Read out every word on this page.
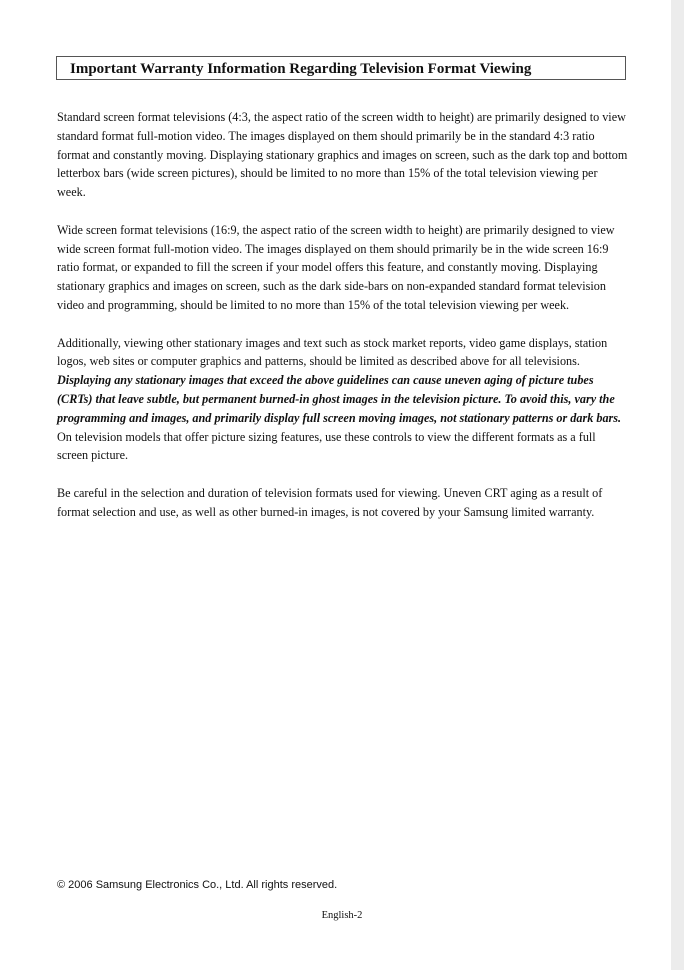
Important Warranty Information Regarding Television Format Viewing

Standard screen format televisions (4:3, the aspect ratio of the screen width to height) are primarily designed to view standard format full-motion video. The images displayed on them should primarily be in the standard 4:3 ratio format and constantly moving. Displaying stationary graphics and images on screen, such as the dark top and bottom letterbox bars (wide screen pictures), should be limited to no more than 15% of the total television viewing per week.

Wide screen format televisions (16:9, the aspect ratio of the screen width to height) are primarily designed to view wide screen format full-motion video. The images displayed on them should primarily be in the wide screen 16:9 ratio format, or expanded to fill the screen if your model offers this feature, and constantly moving. Displaying stationary graphics and images on screen, such as the dark side-bars on non-expanded standard format television video and programming, should be limited to no more than 15% of the total television viewing per week.

Additionally, viewing other stationary images and text such as stock market reports, video game displays, station logos, web sites or computer graphics and patterns, should be limited as described above for all televisions. Displaying any stationary images that exceed the above guidelines can cause uneven aging of picture tubes (CRTs) that leave subtle, but permanent burned-in ghost images in the television picture. To avoid this, vary the programming and images, and primarily display full screen moving images, not stationary patterns or dark bars. On television models that offer picture sizing features, use these controls to view the different formats as a full screen picture.

Be careful in the selection and duration of television formats used for viewing. Uneven CRT aging as a result of format selection and use, as well as other burned-in images, is not covered by your Samsung limited warranty.

© 2006 Samsung Electronics Co., Ltd. All rights reserved.
English-2
